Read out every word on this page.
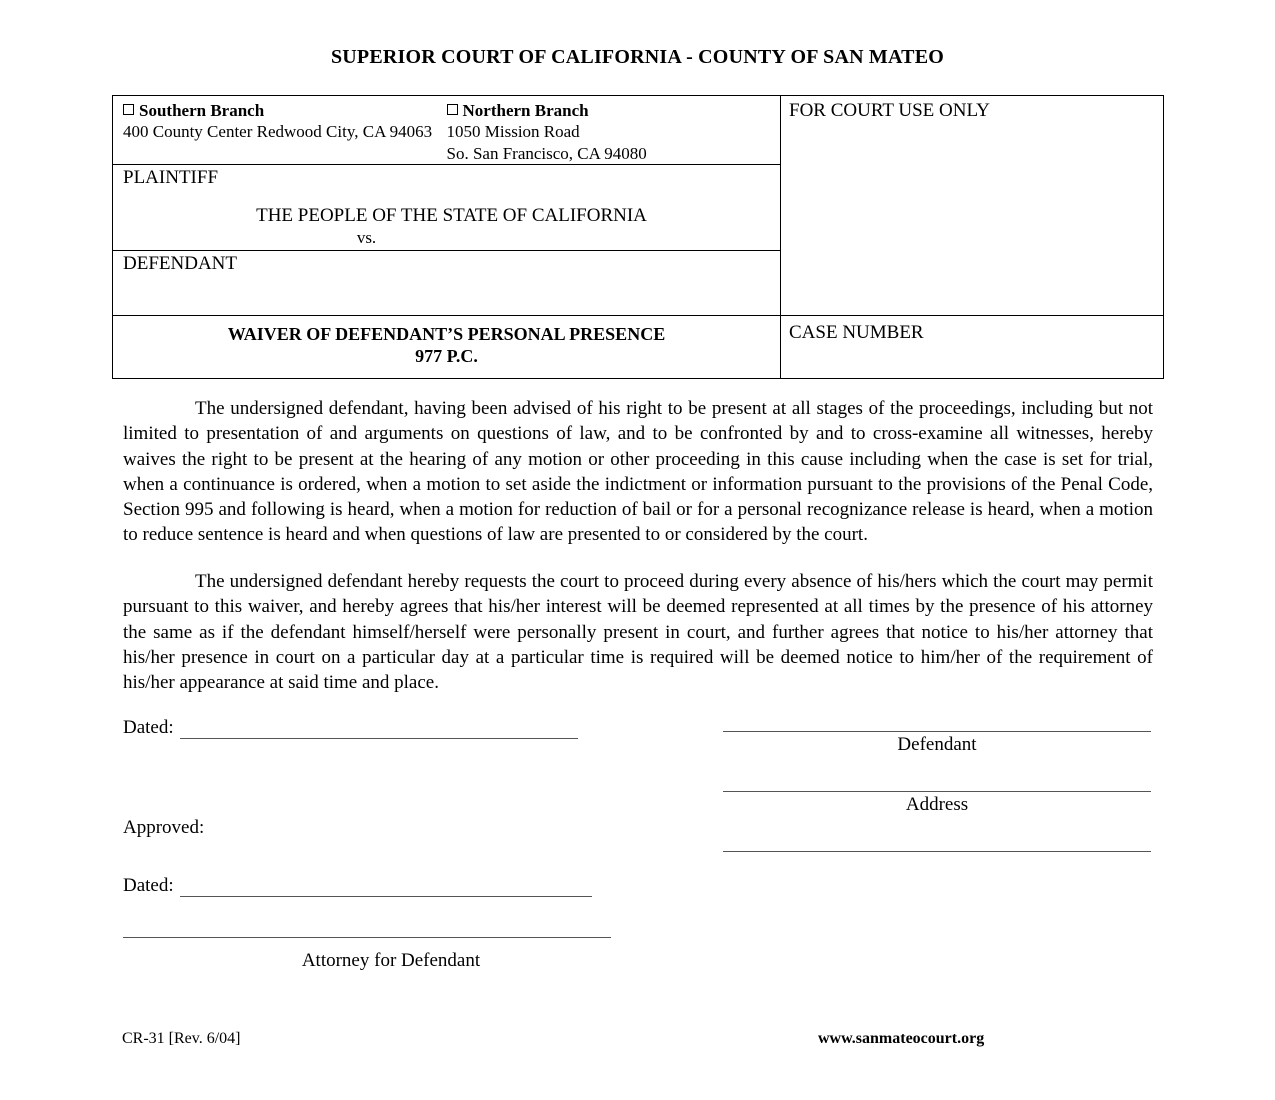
SUPERIOR COURT OF CALIFORNIA - COUNTY OF SAN MATEO
Southern Branch
400 County Center Redwood City, CA 94063
Northern Branch
1050 Mission Road
So. San Francisco, CA 94080
PLAINTIFF
THE PEOPLE OF THE STATE OF CALIFORNIA
vs.
DEFENDANT
FOR COURT USE ONLY
WAIVER OF DEFENDANT’S PERSONAL PRESENCE
977 P.C.
CASE NUMBER
The undersigned defendant, having been advised of his right to be present at all stages of the proceedings, including but not limited to presentation of and arguments on questions of law, and to be confronted by and to cross-examine all witnesses, hereby waives the right to be present at the hearing of any motion or other proceeding in this cause including when the case is set for trial, when a continuance is ordered, when a motion to set aside the indictment or information pursuant to the provisions of the Penal Code, Section 995 and following is heard, when a motion for reduction of bail or for a personal recognizance release is heard, when a motion to reduce sentence is heard and when questions of law are presented to or considered by the court.
The undersigned defendant hereby requests the court to proceed during every absence of his/hers which the court may permit pursuant to this waiver, and hereby agrees that his/her interest will be deemed represented at all times by the presence of his attorney the same as if the defendant himself/herself were personally present in court, and further agrees that notice to his/her attorney that his/her presence in court on a particular day at a particular time is required will be deemed notice to him/her of the requirement of his/her appearance at said time and place.
Dated:
Approved:
Dated:
Attorney for Defendant
Defendant
Address
CR-31 [Rev. 6/04]	www.sanmateocourt.org
